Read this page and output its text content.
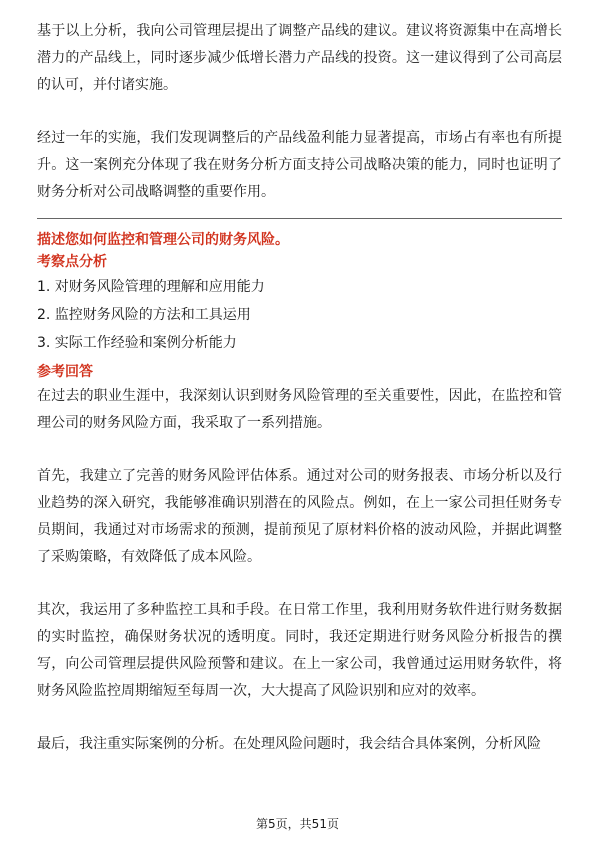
基于以上分析，我向公司管理层提出了调整产品线的建议。建议将资源集中在高增长潜力的产品线上，同时逐步减少低增长潜力产品线的投资。这一建议得到了公司高层的认可，并付诸实施。

经过一年的实施，我们发现调整后的产品线盈利能力显著提高，市场占有率也有所提升。这一案例充分体现了我在财务分析方面支持公司战略决策的能力，同时也证明了财务分析对公司战略调整的重要作用。

描述您如何监控和管理公司的财务风险。

考察点分析

1. 对财务风险管理的理解和应用能力

2. 监控财务风险的方法和工具运用

3. 实际工作经验和案例分析能力

参考回答

在过去的职业生涯中，我深刻认识到财务风险管理的至关重要性，因此，在监控和管理公司的财务风险方面，我采取了一系列措施。

首先，我建立了完善的财务风险评估体系。通过对公司的财务报表、市场分析以及行业趋势的深入研究，我能够准确识别潜在的风险点。例如，在上一家公司担任财务专员期间，我通过对市场需求的预测，提前预见了原材料价格的波动风险，并据此调整了采购策略，有效降低了成本风险。

其次，我运用了多种监控工具和手段。在日常工作里，我利用财务软件进行财务数据的实时监控，确保财务状况的透明度。同时，我还定期进行财务风险分析报告的撰写，向公司管理层提供风险预警和建议。在上一家公司，我曾通过运用财务软件，将财务风险监控周期缩短至每周一次，大大提高了风险识别和应对的效率。

最后，我注重实际案例的分析。在处理风险问题时，我会结合具体案例，分析风险

第5页，共51页
